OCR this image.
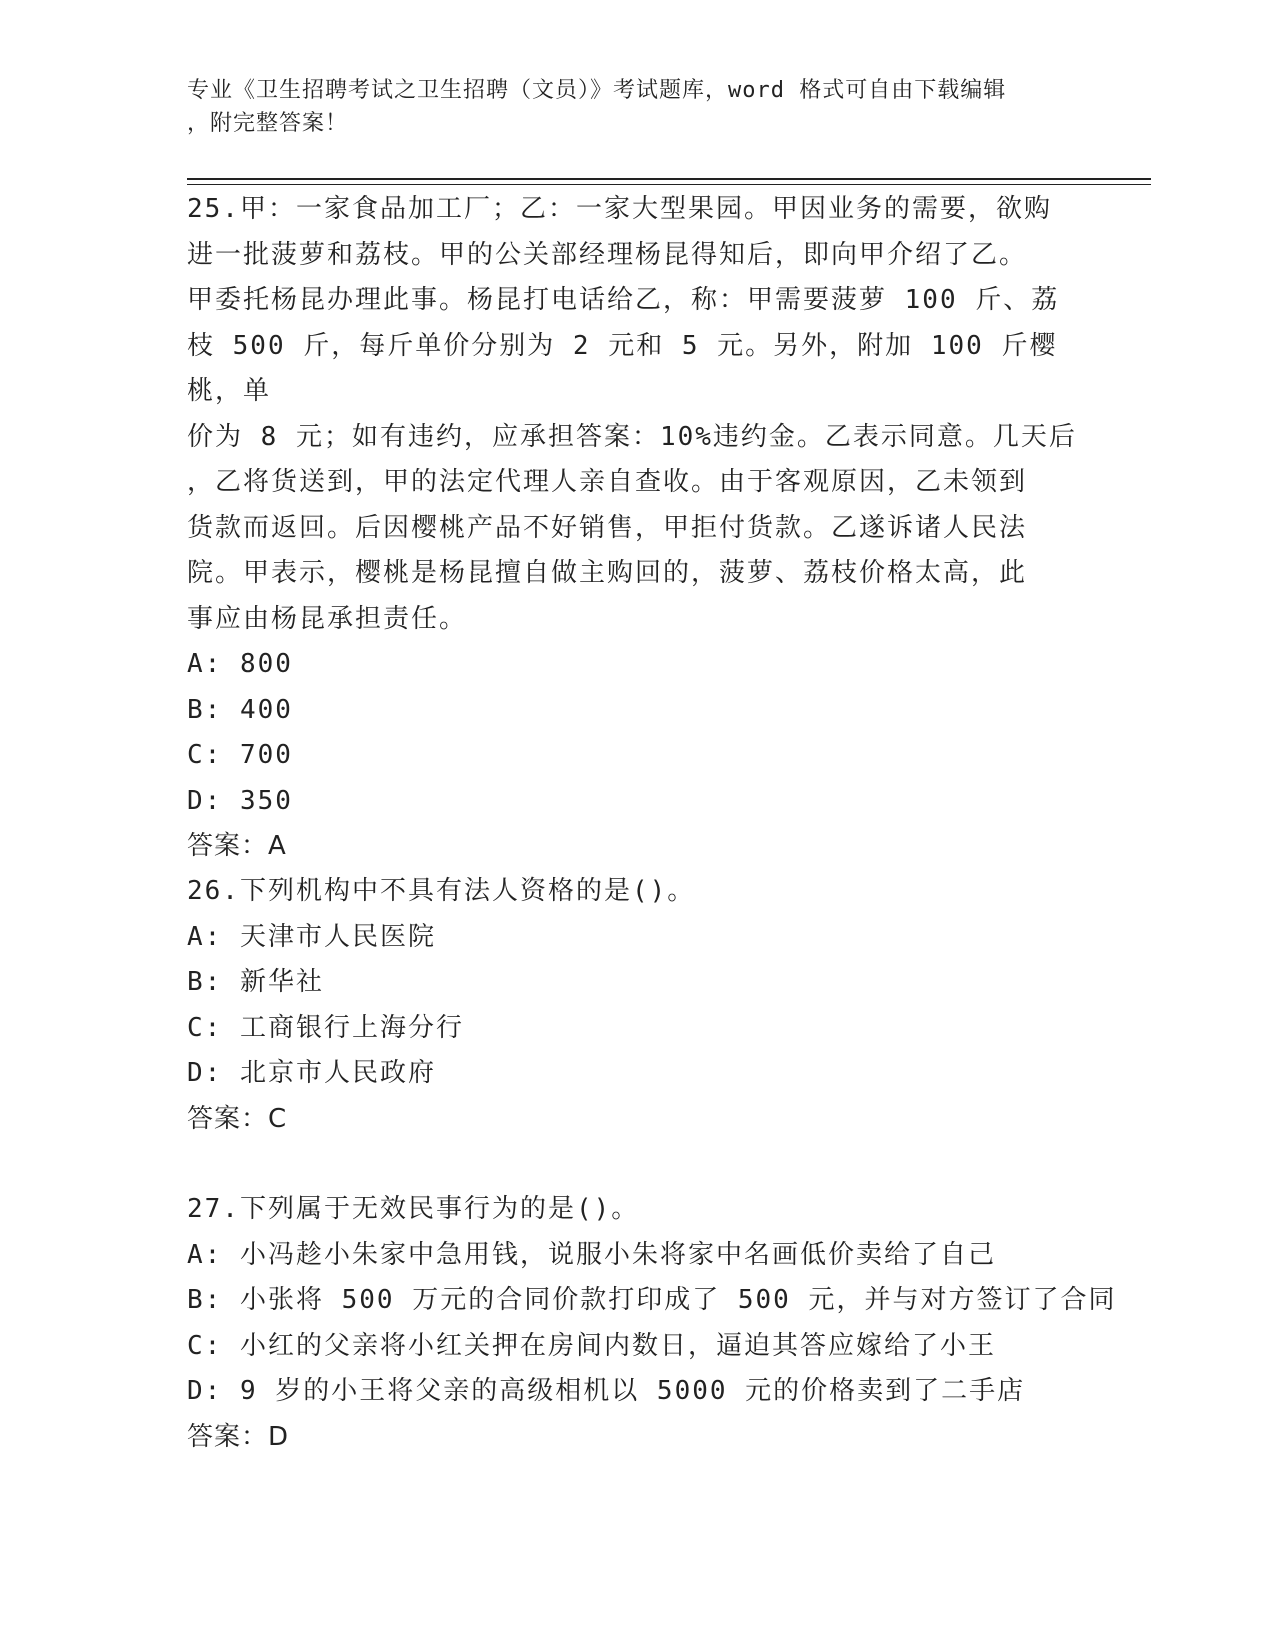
专业《卫生招聘考试之卫生招聘（文员）》考试题库，word 格式可自由下载编辑
，附完整答案！

25.甲：一家食品加工厂；乙：一家大型果园。甲因业务的需要，欲购

进一批菠萝和荔枝。甲的公关部经理杨昆得知后，即向甲介绍了乙。

甲委托杨昆办理此事。杨昆打电话给乙，称：甲需要菠萝 100 斤、荔

枝 500 斤，每斤单价分别为 2 元和 5 元。另外，附加 100 斤樱桃，单

价为 8 元；如有违约，应承担答案：10%违约金。乙表示同意。几天后

，乙将货送到，甲的法定代理人亲自查收。由于客观原因，乙未领到

货款而返回。后因樱桃产品不好销售，甲拒付货款。乙遂诉诸人民法

院。甲表示，樱桃是杨昆擅自做主购回的，菠萝、荔枝价格太高，此

事应由杨昆承担责任。

A: 800

B: 400

C: 700

D: 350

答案：A

26.下列机构中不具有法人资格的是()。

A: 天津市人民医院

B: 新华社

C: 工商银行上海分行

D: 北京市人民政府

答案：C

27.下列属于无效民事行为的是()。

A: 小冯趁小朱家中急用钱，说服小朱将家中名画低价卖给了自己

B: 小张将 500 万元的合同价款打印成了 500 元，并与对方签订了合同

C: 小红的父亲将小红关押在房间内数日，逼迫其答应嫁给了小王

D: 9 岁的小王将父亲的高级相机以 5000 元的价格卖到了二手店

答案：D
